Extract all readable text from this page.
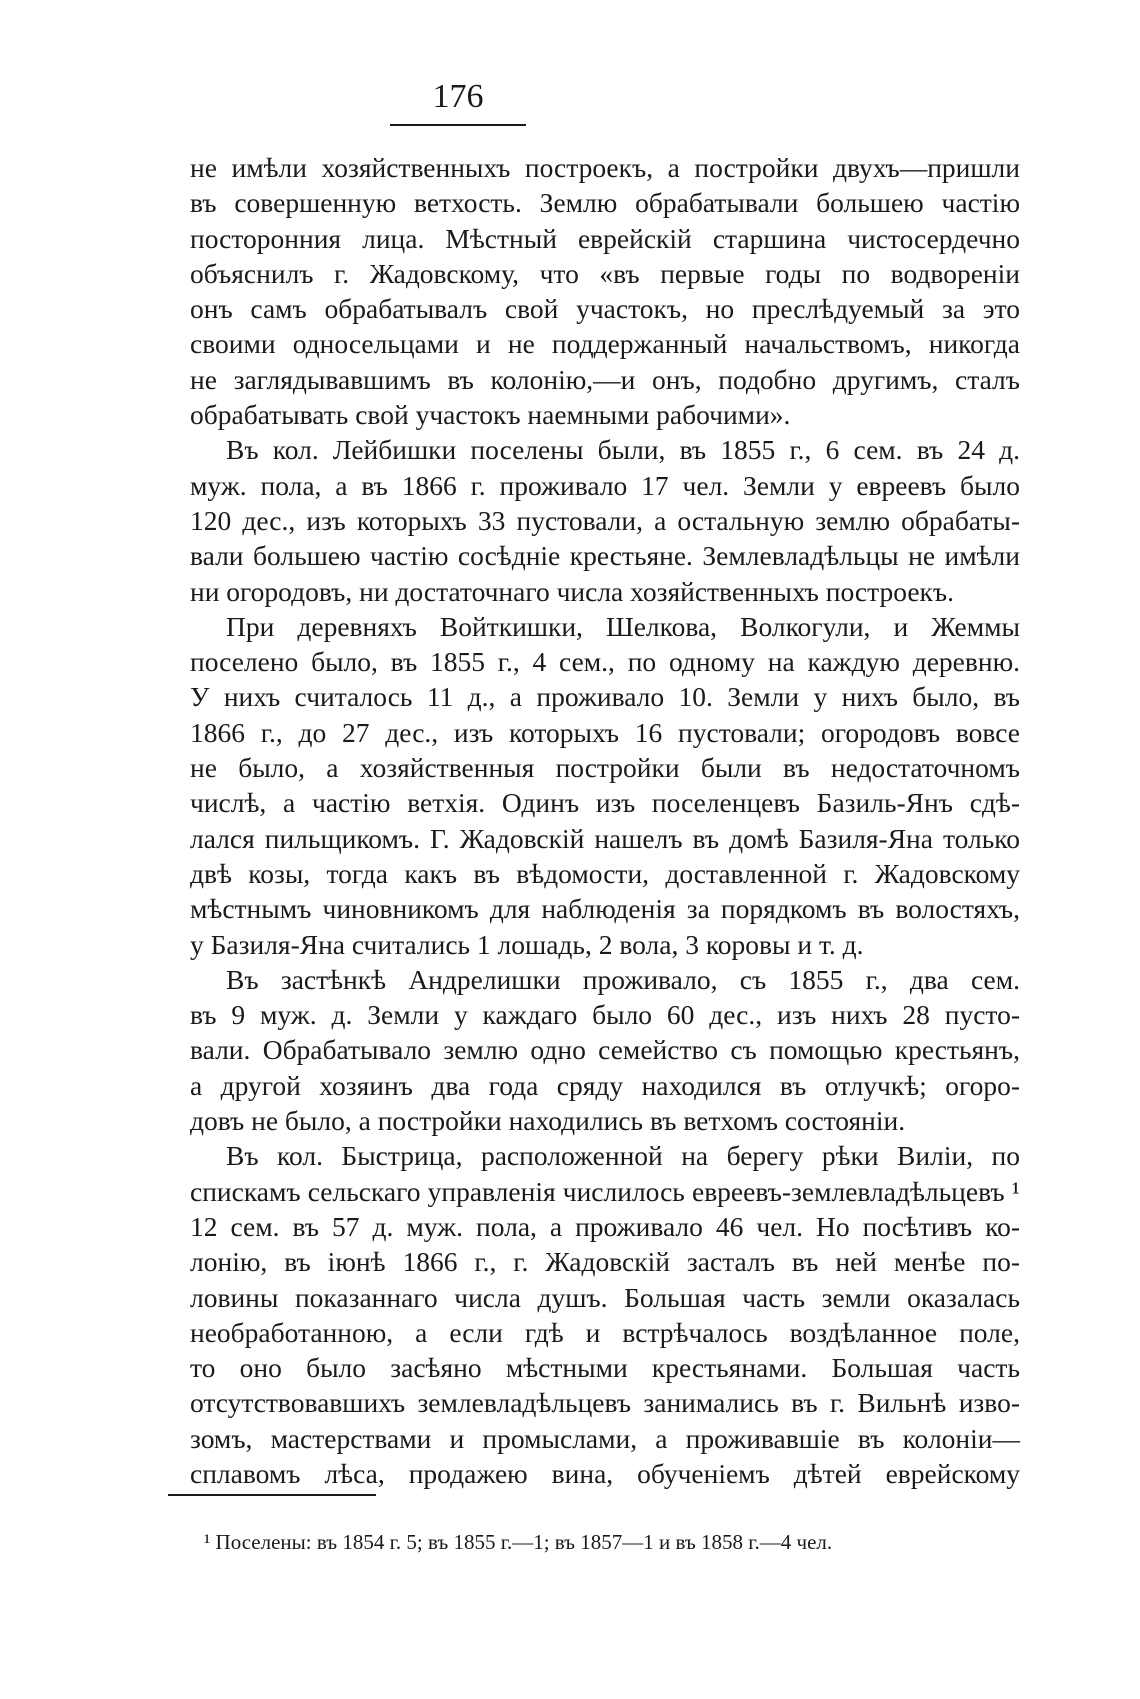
176

не имѣли хозяйственныхъ построекъ, а постройки двухъ—пришли
въ совершенную ветхость. Землю обрабатывали большею частію
посторонния лица. Мѣстный еврейскій старшина чистосердечно
объяснилъ г. Жадовскому, что «въ первые годы по водвореніи
онъ самъ обрабатывалъ свой участокъ, но преслѣдуемый за это
своими односельцами и не поддержанный начальствомъ, никогда
не заглядывавшимъ въ колонію,—и онъ, подобно другимъ, сталъ
обрабатывать свой участокъ наемными рабочими».

Въ кол. Лейбишки поселены были, въ 1855 г., 6 сем. въ 24 д.
муж. пола, а въ 1866 г. проживало 17 чел. Земли у евреевъ было
120 дес., изъ которыхъ 33 пустовали, а остальную землю обрабаты-
вали большею частію сосѣдніе крестьяне. Землевладѣльцы не имѣли
ни огородовъ, ни достаточнаго числа хозяйственныхъ построекъ.

При деревняхъ Войткишки, Шелкова, Волкогули, и Жеммы
поселено было, въ 1855 г., 4 сем., по одному на каждую деревню.
У нихъ считалось 11 д., а проживало 10. Земли у нихъ было, въ
1866 г., до 27 дес., изъ которыхъ 16 пустовали; огородовъ вовсе
не было, а хозяйственныя постройки были въ недостаточномъ
числѣ, а частію ветхія. Одинъ изъ поселенцевъ Базиль-Янъ сдѣ-
лался пильщикомъ. Г. Жадовскій нашелъ въ домѣ Базиля-Яна только
двѣ козы, тогда какъ въ вѣдомости, доставленной г. Жадовскому
мѣстнымъ чиновникомъ для наблюденія за порядкомъ въ волостяхъ,
у Базиля-Яна считались 1 лошадь, 2 вола, 3 коровы и т. д.

Въ застѣнкѣ Андрелишки проживало, съ 1855 г., два сем.
въ 9 муж. д. Земли у каждаго было 60 дес., изъ нихъ 28 пусто-
вали. Обрабатывало землю одно семейство съ помощью крестьянъ,
а другой хозяинъ два года сряду находился въ отлучкѣ; огоро-
довъ не было, а постройки находились въ ветхомъ состояніи.

Въ кол. Быстрица, расположенной на берегу рѣки Виліи, по
спискамъ сельскаго управленія числилось евреевъ-землевладѣльцевъ ¹
12 сем. въ 57 д. муж. пола, а проживало 46 чел. Но посѣтивъ ко-
лонію, въ іюнѣ 1866 г., г. Жадовскій засталъ въ ней менѣе по-
ловины показаннаго числа душъ. Большая часть земли оказалась
необработанною, а если гдѣ и встрѣчалось воздѣланное поле,
то оно было засѣяно мѣстными крестьянами. Большая часть
отсутствовавшихъ землевладѣльцевъ занимались въ г. Вильнѣ изво-
зомъ, мастерствами и промыслами, а проживавшіе въ колоніи—
сплавомъ лѣса, продажею вина, обученіемъ дѣтей еврейскому

¹ Поселены: въ 1854 г. 5; въ 1855 г.—1; въ 1857—1 и въ 1858 г.—4 чел.
